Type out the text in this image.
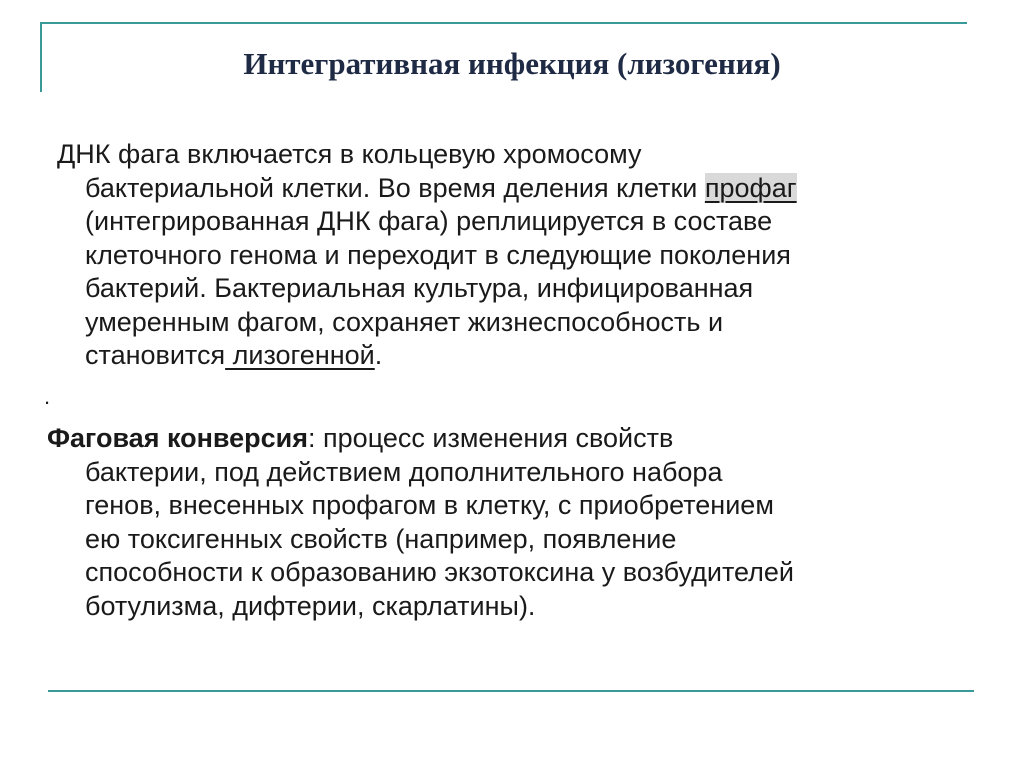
Интегративная инфекция (лизогения)
ДНК фага включается в кольцевую хромосому
бактериальной клетки. Во время деления клетки профаг
(интегрированная ДНК фага) реплицируется в составе
клеточного генома и переходит в следующие поколения
бактерий. Бактериальная культура, инфицированная
умеренным фагом, сохраняет жизнеспособность и
становится лизогенной.
.
Фаговая конверсия: процесс изменения свойств
бактерии, под действием дополнительного набора
генов, внесенных профагом в клетку, с приобретением
ею токсигенных свойств (например, появление
способности к образованию экзотоксина у возбудителей
ботулизма, дифтерии, скарлатины).
